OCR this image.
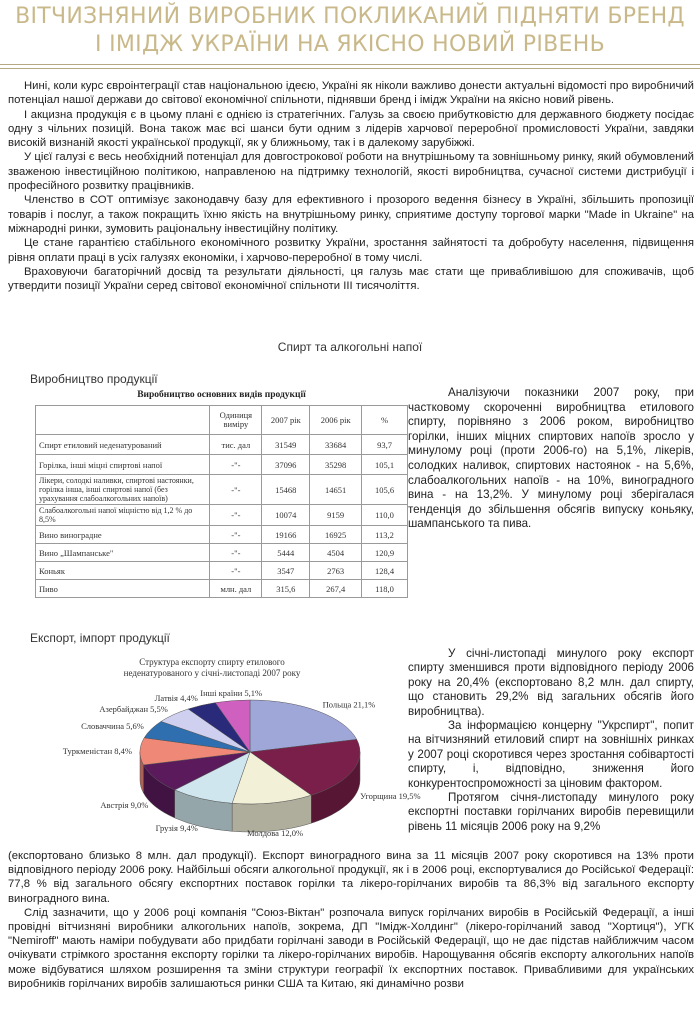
ВІТЧИЗНЯНИЙ ВИРОБНИК ПОКЛИКАНИЙ ПІДНЯТИ БРЕНД
І ІМІДЖ УКРАЇНИ НА ЯКІСНО НОВИЙ РІВЕНЬ

Нині, коли курс євроінтеграції став національною ідеєю, Україні як ніколи важливо донести актуальні відомості про виробничий потенціал нашої держави до світової економічної спільноти, піднявши бренд і імідж України на якісно новий рівень.

І акцизна продукція є в цьому плані є однією із стратегічних. Галузь за своєю прибутковістю для державного бюджету посідає одну з чільних позицій. Вона також має всі шанси бути одним з лідерів харчової переробної промисловості України, завдяки високій визнаній якості української продукції, як у ближньому, так і в далекому зарубіжжі.

У цієї галузі є весь необхідний потенціал для довгострокової роботи на внутрішньому та зовнішньому ринку, який обумовлений зваженою інвестиційною політикою, направленою на підтримку технологій, якості виробництва, сучасної системи дистрибуції і професійного розвитку працівників.

Членство в СОТ оптимізує законодавчу базу для ефективного і прозорого ведення бізнесу в Україні, збільшить пропозиції товарів і послуг, а також покращить їхню якість на внутрішньому ринку, сприятиме доступу торгової марки "Made in Ukraine" на міжнародні ринки, зумовить раціональну інвестиційну політику.

Це стане гарантією стабільного економічного розвитку України, зростання зайнятості та добробуту населення, підвищення рівня оплати праці в усіх галузях економіки, і харчово-переробної в тому числі.

Враховуючи багаторічний досвід та результати діяльності, ця галузь має стати ще привабливішою для споживачів, щоб утвердити позиції України серед світової економічної спільноти ІІІ тисячоліття.

Спирт та алкогольні напої
Виробництво продукції
Виробництво основних видів продукції
	Одиниця виміру	2007 рік	2006 рік	%
Спирт етиловий неденатурований	тис. дал	31549	33684	93,7
Горілка, інші міцні спиртові напої	-"-	37096	35298	105,1
Лікери, солодкі наливки, спиртові настоянки, горілка інша, інші спиртові напої (без урахування слабоалкогольних напоїв)	-"-	15468	14651	105,6
Слабоалкогольні напої міцністю від 1,2 % до 8,5%	-"-	10074	9159	110,0
Вино виноградне	-"-	19166	16925	113,2
Вино „Шампанське"	-"-	5444	4504	120,9
Коньяк	-"-	3547	2763	128,4
Пиво	млн. дал	315,6	267,4	118,0

Аналізуючи показники 2007 року, при частковому скороченні виробництва етилового спирту, порівняно з 2006 роком, виробництво горілки, інших міцних спиртових напоїв зросло у минулому році (проти 2006-го) на 5,1%, лікерів, солодких наливок, спиртових настоянок - на 5,6%, слабоалкогольних напоїв - на 10%, виноградного вина - на 13,2%. У минулому році зберігалася тенденція до збільшення обсягів випуску коньяку, шампанського та пива.

Експорт, імпорт продукції
Структура експорту спирту етилового неденатурованого у січні-листопаді 2007 року
Польща 21,1%
Угорщина 19,5%
Молдова 12,0%
Грузія 9,4%
Австрія 9,0%
Туркменістан 8,4%
Словаччина 5,6%
Азербайджан 5,5%
Латвія 4,4%
Інші країни 5,1%

У січні-листопаді минулого року експорт спирту зменшився проти відповідного періоду 2006 року на 20,4% (експортовано 8,2 млн. дал спирту, що становить 29,2% від загальних обсягів його виробництва).

За інформацією концерну "Укрспирт", попит на вітчизняний етиловий спирт на зовнішніх ринках у 2007 році скоротився через зростання собівартості спирту, і, відповідно, зниження його конкурентоспроможності за ціновим фактором.

Протягом січня-листопаду минулого року експортні поставки горілчаних виробів перевищили рівень 11 місяців 2006 року на 9,2%

(експортовано близько 8 млн. дал продукції). Експорт виноградного вина за 11 місяців 2007 року скоротився на 13% проти відповідного періоду 2006 року. Найбільші обсяги алкогольної продукції, як і в 2006 році, експортувалися до Російської Федерації: 77,8 % від загального обсягу експортних поставок горілки та лікеро-горілчаних виробів та 86,3% від загального експорту виноградного вина.

Слід зазначити, що у 2006 році компанія "Союз-Віктан" розпочала випуск горілчаних виробів в Російській Федерації, а інші провідні вітчизняні виробники алкогольних напоїв, зокрема, ДП "Імідж-Холдинг" (лікеро-горілчаний завод "Хортиця"), УГК "Nemiroff" мають наміри побудувати або придбати горілчані заводи в Російській Федерації, що не дає підстав найближчим часом очікувати стрімкого зростання експорту горілки та лікеро-горілчаних виробів. Нарощування обсягів експорту алкогольних напоїв може відбуватися шляхом розширення та зміни структури географії їх експортних поставок. Привабливими для українських виробників горілчаних виробів залишаються ринки США та Китаю, які динамічно розви
